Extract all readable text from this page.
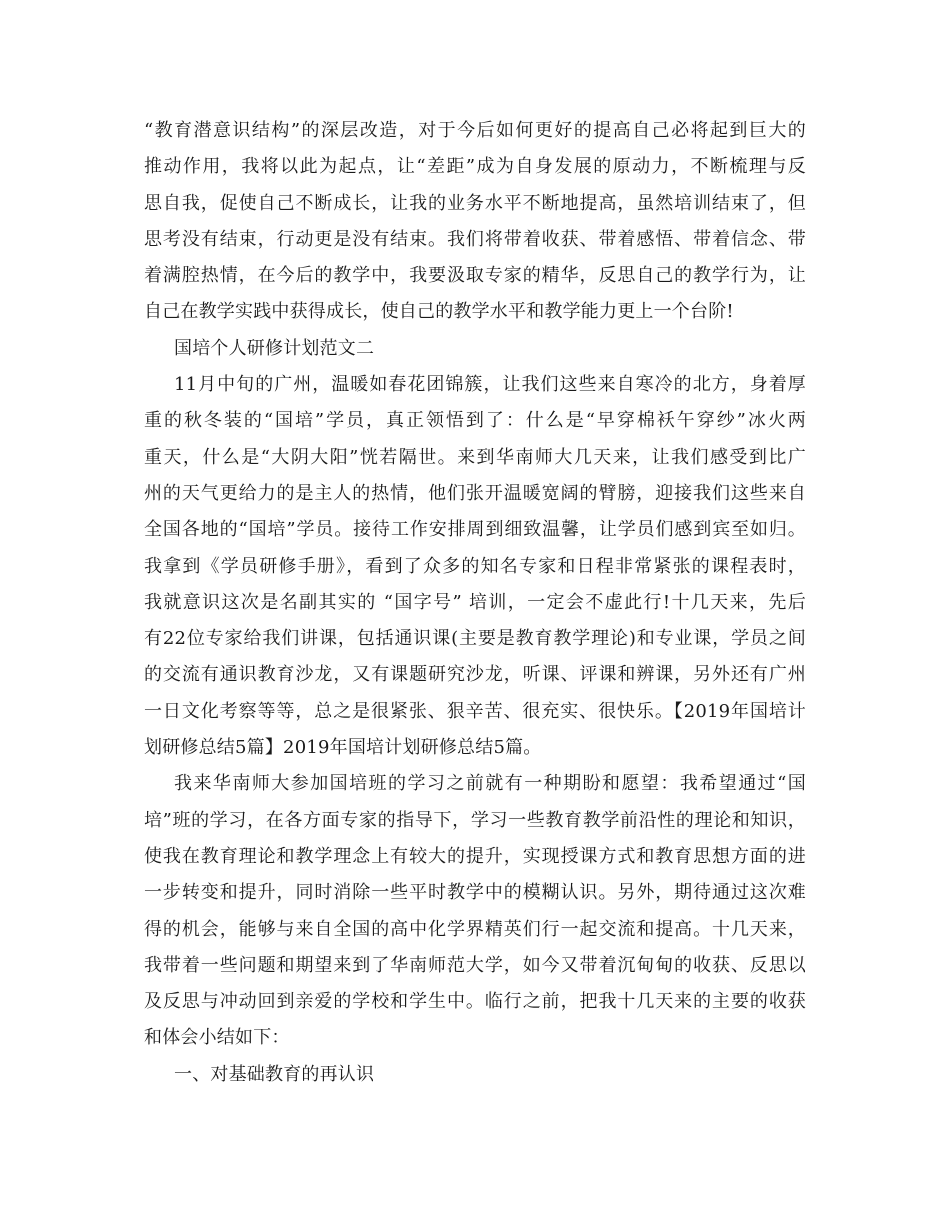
“教育潜意识结构”的深层改造，对于今后如何更好的提高自己必将起到巨大的
推动作用，我将以此为起点，让“差距”成为自身发展的原动力，不断梳理与反
思自我，促使自己不断成长，让我的业务水平不断地提高，虽然培训结束了，但
思考没有结束，行动更是没有结束。我们将带着收获、带着感悟、带着信念、带
着满腔热情，在今后的教学中，我要汲取专家的精华，反思自己的教学行为，让
自己在教学实践中获得成长，使自己的教学水平和教学能力更上一个台阶!
国培个人研修计划范文二
11月中旬的广州，温暖如春花团锦簇，让我们这些来自寒冷的北方，身着厚
重的秋冬装的“国培”学员，真正领悟到了：什么是“早穿棉袄午穿纱”冰火两
重天，什么是“大阴大阳”恍若隔世。来到华南师大几天来，让我们感受到比广
州的天气更给力的是主人的热情，他们张开温暖宽阔的臂膀，迎接我们这些来自
全国各地的“国培”学员。接待工作安排周到细致温馨，让学员们感到宾至如归。
我拿到《学员研修手册》，看到了众多的知名专家和日程非常紧张的课程表时，
我就意识这次是名副其实的 “国字号” 培训，一定会不虚此行!十几天来，先后
有22位专家给我们讲课，包括通识课(主要是教育教学理论)和专业课，学员之间
的交流有通识教育沙龙，又有课题研究沙龙，听课、评课和辨课，另外还有广州
一日文化考察等等，总之是很紧张、狠辛苦、很充实、很快乐。【2019年国培计
划研修总结5篇】2019年国培计划研修总结5篇。
我来华南师大参加国培班的学习之前就有一种期盼和愿望：我希望通过“国
培”班的学习，在各方面专家的指导下，学习一些教育教学前沿性的理论和知识，
使我在教育理论和教学理念上有较大的提升，实现授课方式和教育思想方面的进
一步转变和提升，同时消除一些平时教学中的模糊认识。另外，期待通过这次难
得的机会，能够与来自全国的高中化学界精英们行一起交流和提高。十几天来，
我带着一些问题和期望来到了华南师范大学，如今又带着沉甸甸的收获、反思以
及反思与冲动回到亲爱的学校和学生中。临行之前，把我十几天来的主要的收获
和体会小结如下：
一、对基础教育的再认识
